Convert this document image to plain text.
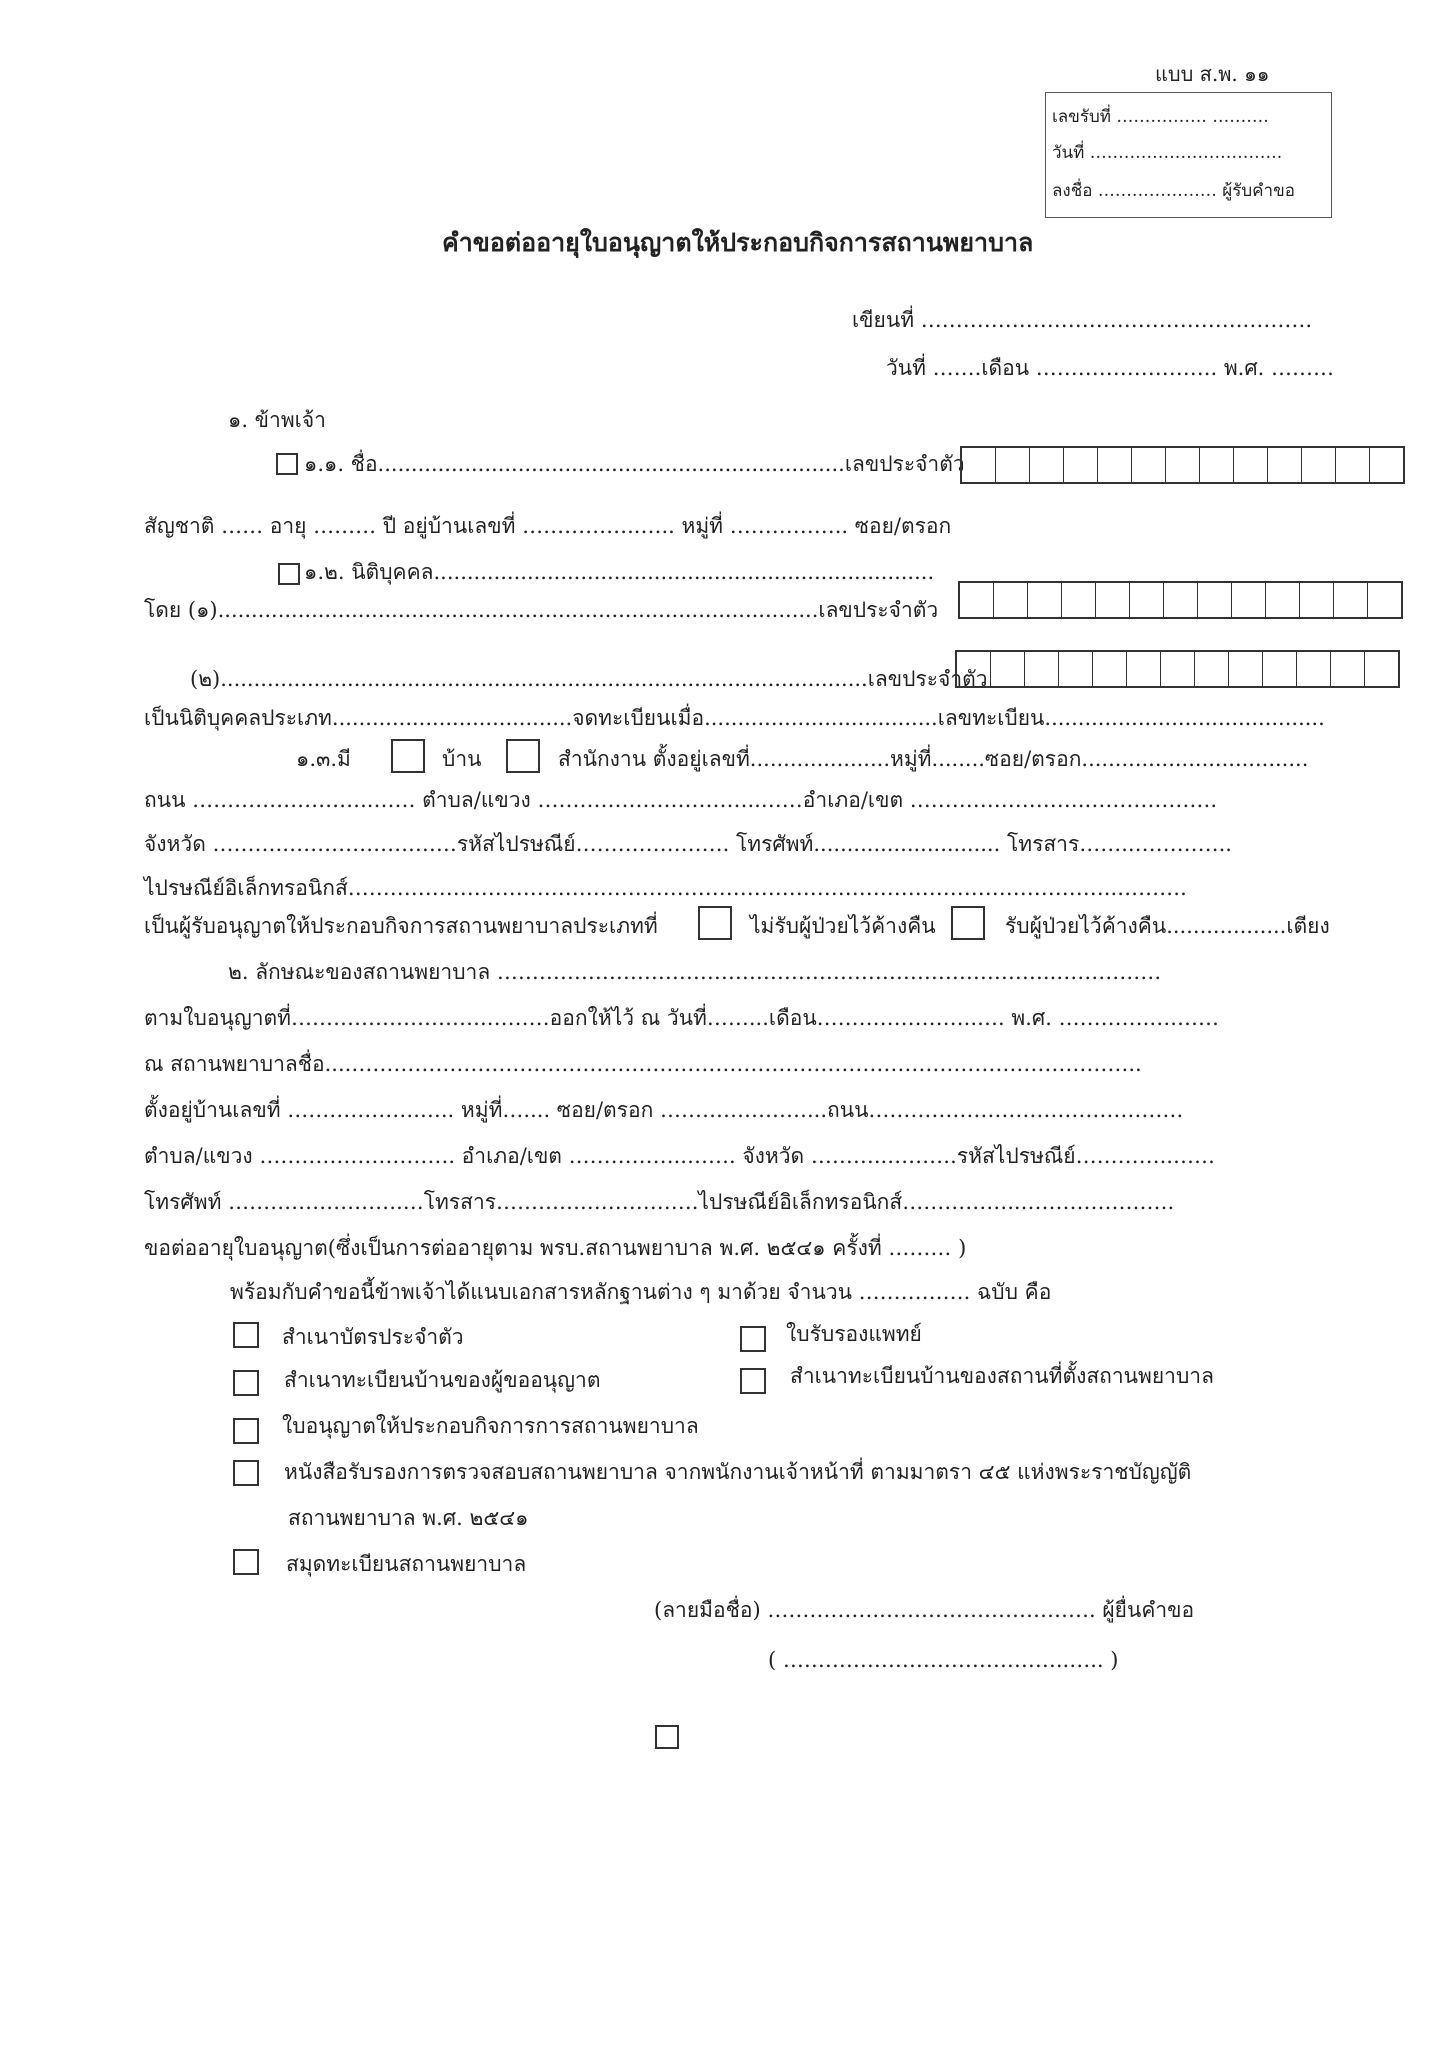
แบบ ส.พ. ๑๑
เลขรับที่ ……………. ……….
วันที่ …………………………….
ลงชื่อ ………………… ผู้รับคำขอ
คำขอต่ออายุใบอนุญาตให้ประกอบกิจการสถานพยาบาล
เขียนที่ ……………………………………….……….
วันที่ …….เดือน …………………….. พ.ศ. ………
๑. ข้าพเจ้า
๑.๑. ชื่อ......................................................................เลขประจำตัว
สัญชาติ …… อายุ ……… ปี อยู่บ้านเลขที่ ……………..….. หมู่ที่ …………….. ซอย/ตรอก
๑.๒. นิติบุคคล...........................................................................
โดย (๑)..........................................................................................เลขประจำตัว
(๒).................................................................................................เลขประจำตัว
เป็นนิติบุคคลประเภท....................................จดทะเบียนเมื่อ...................................เลขทะเบียน..........................................
๑.๓.มี	บ้าน	สำนักงาน ตั้งอยู่เลขที่.....................หมู่ที่........ซอย/ตรอก..................................
ถนน ……………………..…… ตำบล/แขวง …………………………..……อำเภอ/เขต …………………….……………….
จังหวัด ……….……………….……รหัสไปรษณีย์…………………. โทรศัพท์............................ โทรสาร……..…………..
ไปรษณีย์อิเล็กทรอนิกส์………………………………………………………………………………………………..……….
เป็นผู้รับอนุญาตให้ประกอบกิจการสถานพยาบาลประเภทที่	ไม่รับผู้ป่วยไว้ค้างคืน	รับผู้ป่วยไว้ค้างคืน..................เตียง
๒. ลักษณะของสถานพยาบาล ……………………………………………………………………..……………
ตามใบอนุญาตที่……………………….………ออกให้ไว้ ณ วันที่……...เดือน…………………..…. พ.ศ. ………….….……
ณ สถานพยาบาลชื่อ....…………………………………………………………………………………………………..
ตั้งอยู่บ้านเลขที่ ……………….….. หมู่ที่….... ซอย/ตรอก …………………...ถนน………………………………………
ตำบล/แขวง ………………………. อำเภอ/เขต ……………..……. จังหวัด ………..……….รหัสไปรษณีย์…………..……
โทรศัพท์ …………………….…โทรสาร………….…………….ไปรษณีย์อิเล็กทรอนิกส์……………..………………….
ขอต่ออายุใบอนุญาต(ซึ่งเป็นการต่ออายุตาม พรบ.สถานพยาบาล พ.ศ. ๒๕๔๑ ครั้งที่ ……… )
พร้อมกับคำขอนี้ข้าพเจ้าได้แนบเอกสารหลักฐานต่าง ๆ มาด้วย จำนวน ……………. ฉบับ คือ
สำเนาบัตรประจำตัว	ใบรับรองแพทย์
สำเนาทะเบียนบ้านของผู้ขออนุญาต	สำเนาทะเบียนบ้านของสถานที่ตั้งสถานพยาบาล
ใบอนุญาตให้ประกอบกิจการการสถานพยาบาล
หนังสือรับรองการตรวจสอบสถานพยาบาล จากพนักงานเจ้าหน้าที่ ตามมาตรา ๔๕ แห่งพระราชบัญญัติ
สถานพยาบาล พ.ศ. ๒๕๔๑
สมุดทะเบียนสถานพยาบาล
(ลายมือชื่อ) …………….…………………………. ผู้ยื่นคำขอ
( …………………………………..….. )
